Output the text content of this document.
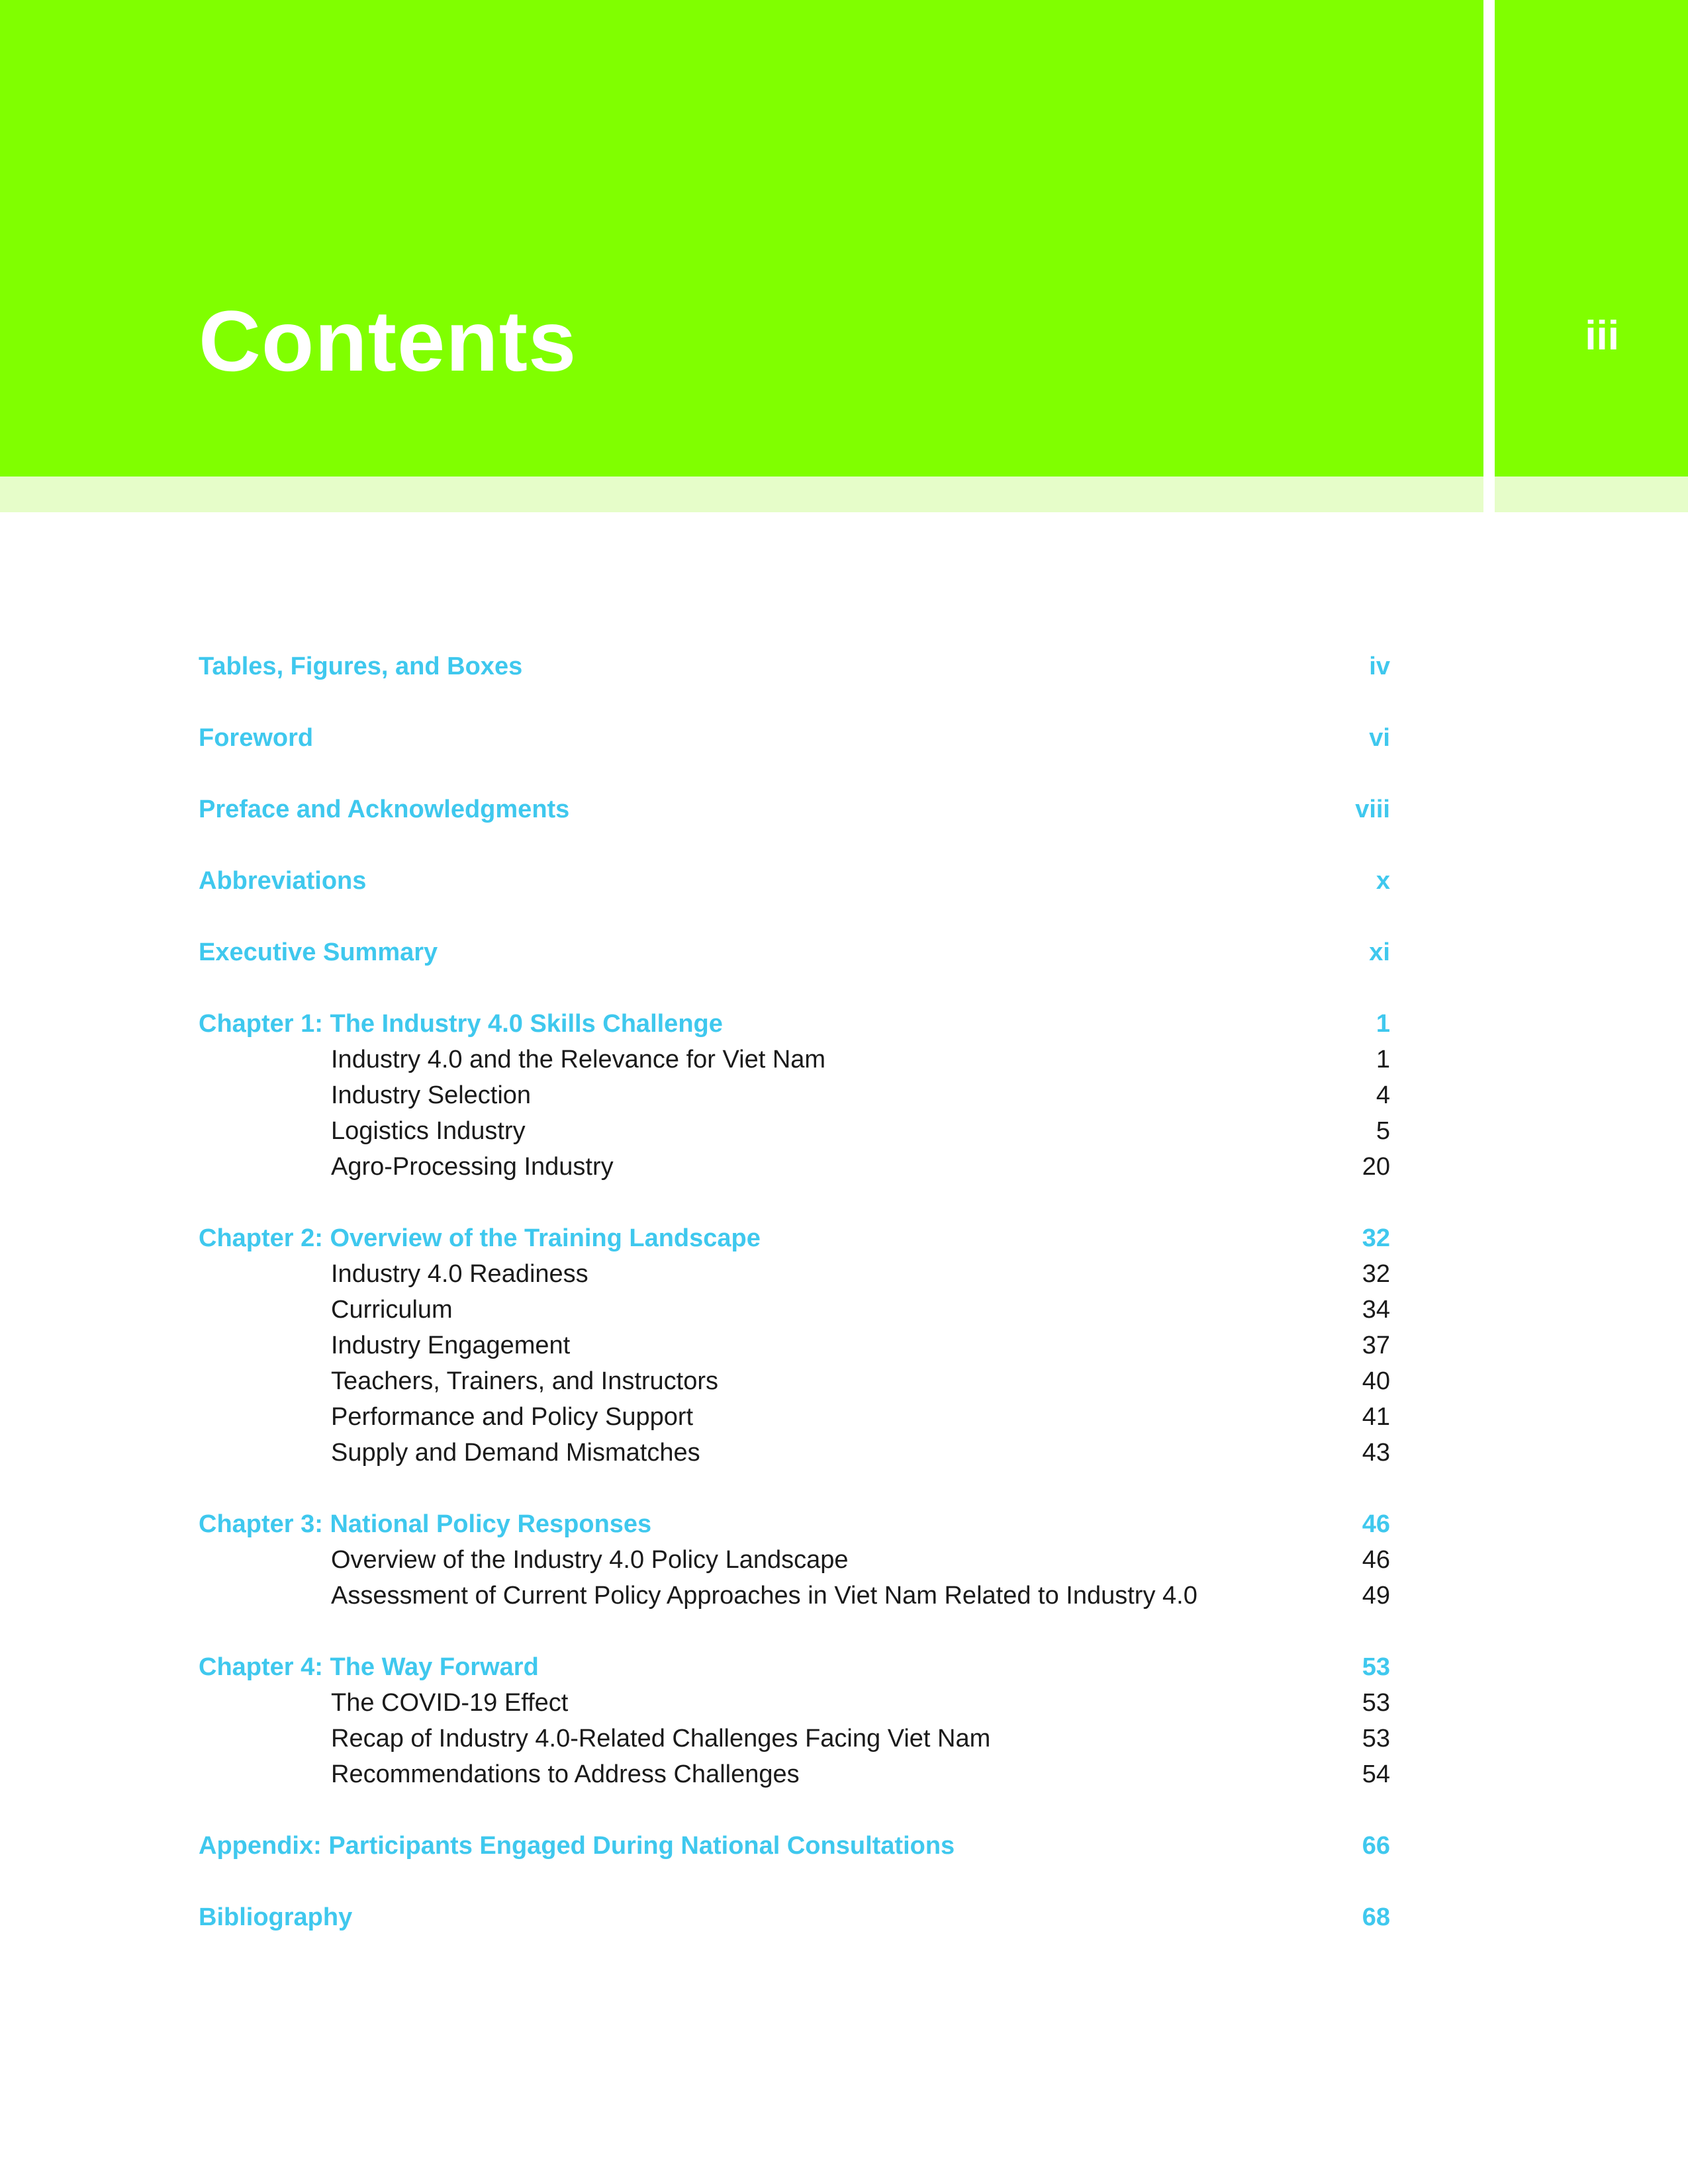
Contents	iii
Tables, Figures, and Boxes	iv
Foreword	vi
Preface and Acknowledgments	viii
Abbreviations	x
Executive Summary	xi
Chapter 1: The Industry 4.0 Skills Challenge	1
Industry 4.0 and the Relevance for Viet Nam	1
Industry Selection	4
Logistics Industry	5
Agro-Processing Industry	20
Chapter 2: Overview of the Training Landscape	32
Industry 4.0 Readiness	32
Curriculum	34
Industry Engagement	37
Teachers, Trainers, and Instructors	40
Performance and Policy Support	41
Supply and Demand Mismatches	43
Chapter 3: National Policy Responses	46
Overview of the Industry 4.0 Policy Landscape	46
Assessment of Current Policy Approaches in Viet Nam Related to Industry 4.0	49
Chapter 4: The Way Forward	53
The COVID-19 Effect	53
Recap of Industry 4.0-Related Challenges Facing Viet Nam	53
Recommendations to Address Challenges	54
Appendix: Participants Engaged During National Consultations	66
Bibliography	68
